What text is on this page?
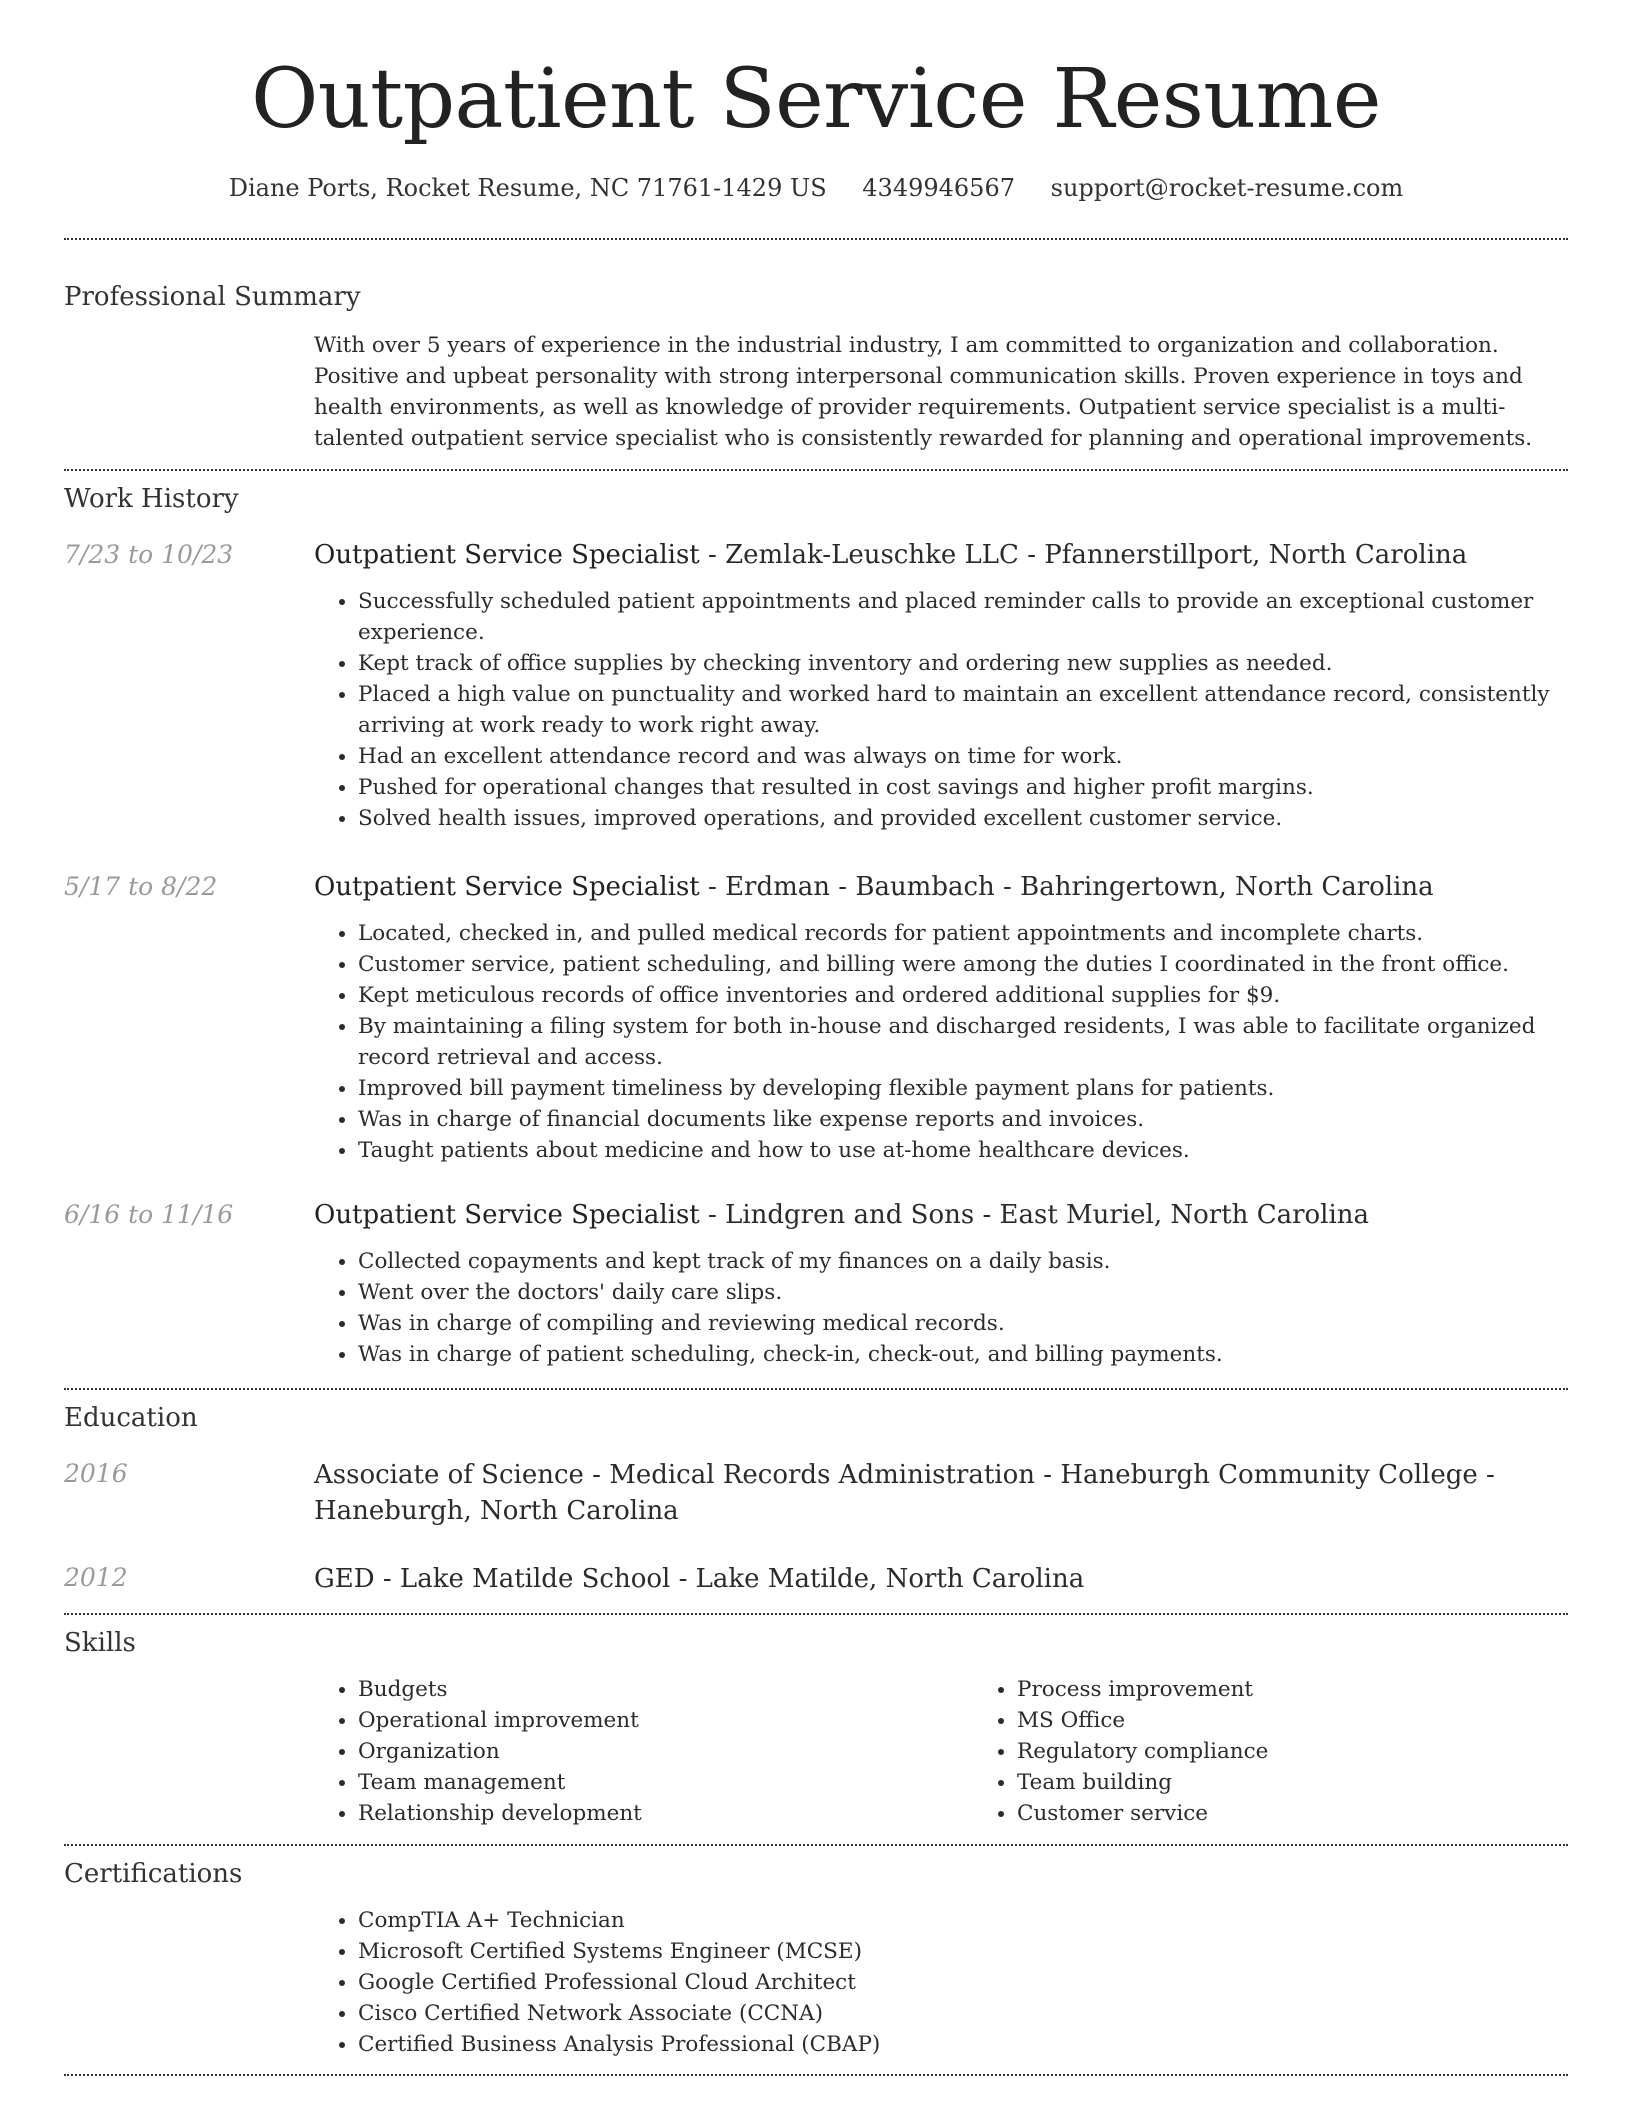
Outpatient Service Resume
Diane Ports, Rocket Resume, NC 71761-1429 US 4349946567 support@rocket-resume.com
Professional Summary
With over 5 years of experience in the industrial industry, I am committed to organization and collaboration. Positive and upbeat personality with strong interpersonal communication skills. Proven experience in toys and health environments, as well as knowledge of provider requirements. Outpatient service specialist is a multi-talented outpatient service specialist who is consistently rewarded for planning and operational improvements.
Work History
7/23 to 10/23	Outpatient Service Specialist - Zemlak-Leuschke LLC - Pfannerstillport, North Carolina
• Successfully scheduled patient appointments and placed reminder calls to provide an exceptional customer experience.
• Kept track of office supplies by checking inventory and ordering new supplies as needed.
• Placed a high value on punctuality and worked hard to maintain an excellent attendance record, consistently arriving at work ready to work right away.
• Had an excellent attendance record and was always on time for work.
• Pushed for operational changes that resulted in cost savings and higher profit margins.
• Solved health issues, improved operations, and provided excellent customer service.
5/17 to 8/22	Outpatient Service Specialist - Erdman - Baumbach - Bahringertown, North Carolina
• Located, checked in, and pulled medical records for patient appointments and incomplete charts.
• Customer service, patient scheduling, and billing were among the duties I coordinated in the front office.
• Kept meticulous records of office inventories and ordered additional supplies for $9.
• By maintaining a filing system for both in-house and discharged residents, I was able to facilitate organized record retrieval and access.
• Improved bill payment timeliness by developing flexible payment plans for patients.
• Was in charge of financial documents like expense reports and invoices.
• Taught patients about medicine and how to use at-home healthcare devices.
6/16 to 11/16	Outpatient Service Specialist - Lindgren and Sons - East Muriel, North Carolina
• Collected copayments and kept track of my finances on a daily basis.
• Went over the doctors' daily care slips.
• Was in charge of compiling and reviewing medical records.
• Was in charge of patient scheduling, check-in, check-out, and billing payments.
Education
2016	Associate of Science - Medical Records Administration - Haneburgh Community College - Haneburgh, North Carolina
2012	GED - Lake Matilde School - Lake Matilde, North Carolina
Skills
• Budgets
• Operational improvement
• Organization
• Team management
• Relationship development
• Process improvement
• MS Office
• Regulatory compliance
• Team building
• Customer service
Certifications
• CompTIA A+ Technician
• Microsoft Certified Systems Engineer (MCSE)
• Google Certified Professional Cloud Architect
• Cisco Certified Network Associate (CCNA)
• Certified Business Analysis Professional (CBAP)
